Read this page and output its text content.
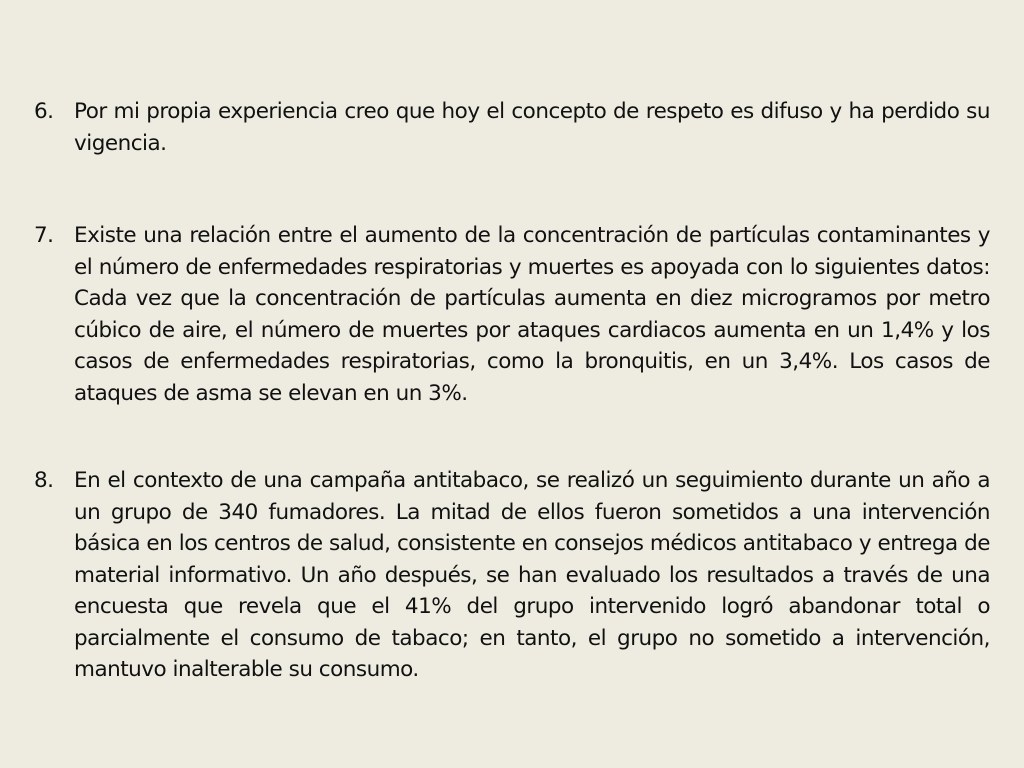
6. Por mi propia experiencia creo que hoy el concepto de respeto es difuso y ha perdido su vigencia.
7. Existe una relación entre el aumento de la concentración de partículas contaminantes y el número de enfermedades respiratorias y muertes es apoyada con lo siguientes datos: Cada vez que la concentración de partículas aumenta en diez microgramos por metro cúbico de aire, el número de muertes por ataques cardiacos aumenta en un 1,4% y los casos de enfermedades respiratorias, como la bronquitis, en un 3,4%. Los casos de ataques de asma se elevan en un 3%.
8. En el contexto de una campaña antitabaco, se realizó un seguimiento durante un año a un grupo de 340 fumadores. La mitad de ellos fueron sometidos a una intervención básica en los centros de salud, consistente en consejos médicos antitabaco y entrega de material informativo. Un año después, se han evaluado los resultados a través de una encuesta que revela que el 41% del grupo intervenido logró abandonar total o parcialmente el consumo de tabaco; en tanto, el grupo no sometido a intervención, mantuvo inalterable su consumo.
